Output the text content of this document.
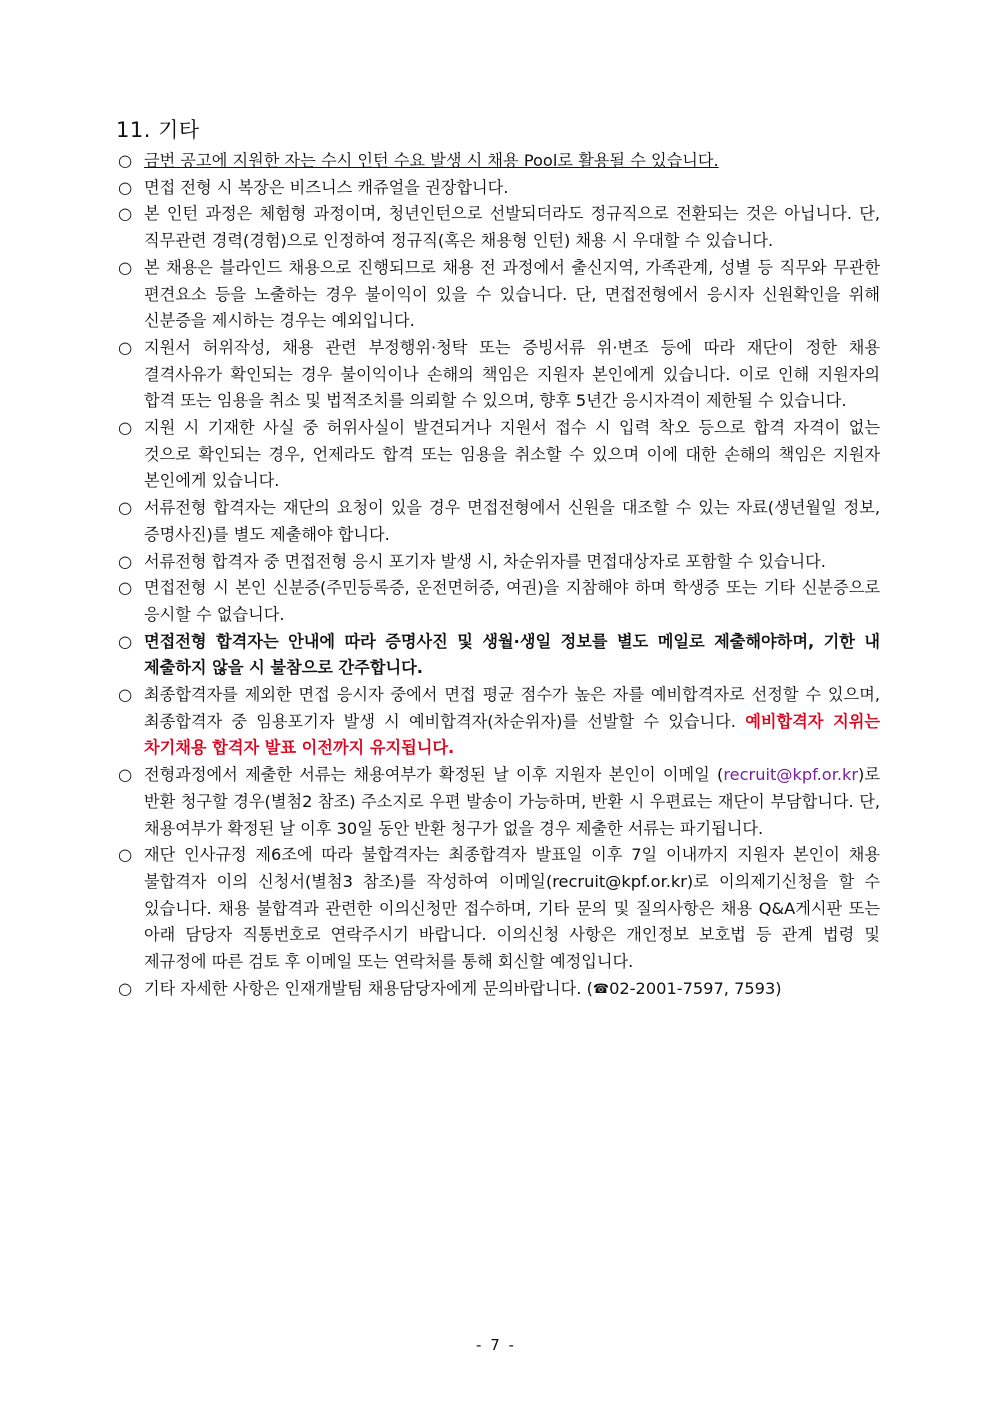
11. 기타
○ 금번 공고에 지원한 자는 수시 인턴 수요 발생 시 채용 Pool로 활용될 수 있습니다.
○ 면접 전형 시 복장은 비즈니스 캐쥬얼을 권장합니다.
○ 본 인턴 과정은 체험형 과정이며, 청년인턴으로 선발되더라도 정규직으로 전환되는 것은 아닙니다. 단, 직무관련 경력(경험)으로 인정하여 정규직(혹은 채용형 인턴) 채용 시 우대할 수 있습니다.
○ 본 채용은 블라인드 채용으로 진행되므로 채용 전 과정에서 출신지역, 가족관계, 성별 등 직무와 무관한 편견요소 등을 노출하는 경우 불이익이 있을 수 있습니다. 단, 면접전형에서 응시자 신원확인을 위해 신분증을 제시하는 경우는 예외입니다.
○ 지원서 허위작성, 채용 관련 부정행위·청탁 또는 증빙서류 위·변조 등에 따라 재단이 정한 채용 결격사유가 확인되는 경우 불이익이나 손해의 책임은 지원자 본인에게 있습니다. 이로 인해 지원자의 합격 또는 임용을 취소 및 법적조치를 의뢰할 수 있으며, 향후 5년간 응시자격이 제한될 수 있습니다.
○ 지원 시 기재한 사실 중 허위사실이 발견되거나 지원서 접수 시 입력 착오 등으로 합격 자격이 없는 것으로 확인되는 경우, 언제라도 합격 또는 임용을 취소할 수 있으며 이에 대한 손해의 책임은 지원자 본인에게 있습니다.
○ 서류전형 합격자는 재단의 요청이 있을 경우 면접전형에서 신원을 대조할 수 있는 자료(생년월일 정보, 증명사진)를 별도 제출해야 합니다.
○ 서류전형 합격자 중 면접전형 응시 포기자 발생 시, 차순위자를 면접대상자로 포함할 수 있습니다.
○ 면접전형 시 본인 신분증(주민등록증, 운전면허증, 여권)을 지참해야 하며 학생증 또는 기타 신분증으로 응시할 수 없습니다.
○ 면접전형 합격자는 안내에 따라 증명사진 및 생월·생일 정보를 별도 메일로 제출해야하며, 기한 내 제출하지 않을 시 불참으로 간주합니다.
○ 최종합격자를 제외한 면접 응시자 중에서 면접 평균 점수가 높은 자를 예비합격자로 선정할 수 있으며, 최종합격자 중 임용포기자 발생 시 예비합격자(차순위자)를 선발할 수 있습니다. 예비합격자 지위는 차기채용 합격자 발표 이전까지 유지됩니다.
○ 전형과정에서 제출한 서류는 채용여부가 확정된 날 이후 지원자 본인이 이메일 (recruit@kpf.or.kr)로 반환 청구할 경우(별첨2 참조) 주소지로 우편 발송이 가능하며, 반환 시 우편료는 재단이 부담합니다. 단, 채용여부가 확정된 날 이후 30일 동안 반환 청구가 없을 경우 제출한 서류는 파기됩니다.
○ 재단 인사규정 제6조에 따라 불합격자는 최종합격자 발표일 이후 7일 이내까지 지원자 본인이 채용 불합격자 이의 신청서(별첨3 참조)를 작성하여 이메일(recruit@kpf.or.kr)로 이의제기신청을 할 수 있습니다. 채용 불합격과 관련한 이의신청만 접수하며, 기타 문의 및 질의사항은 채용 Q&A게시판 또는 아래 담당자 직통번호로 연락주시기 바랍니다. 이의신청 사항은 개인정보 보호법 등 관계 법령 및 제규정에 따른 검토 후 이메일 또는 연락처를 통해 회신할 예정입니다.
○ 기타 자세한 사항은 인재개발팀 채용담당자에게 문의바랍니다. (☎02-2001-7597, 7593)
- 7 -
